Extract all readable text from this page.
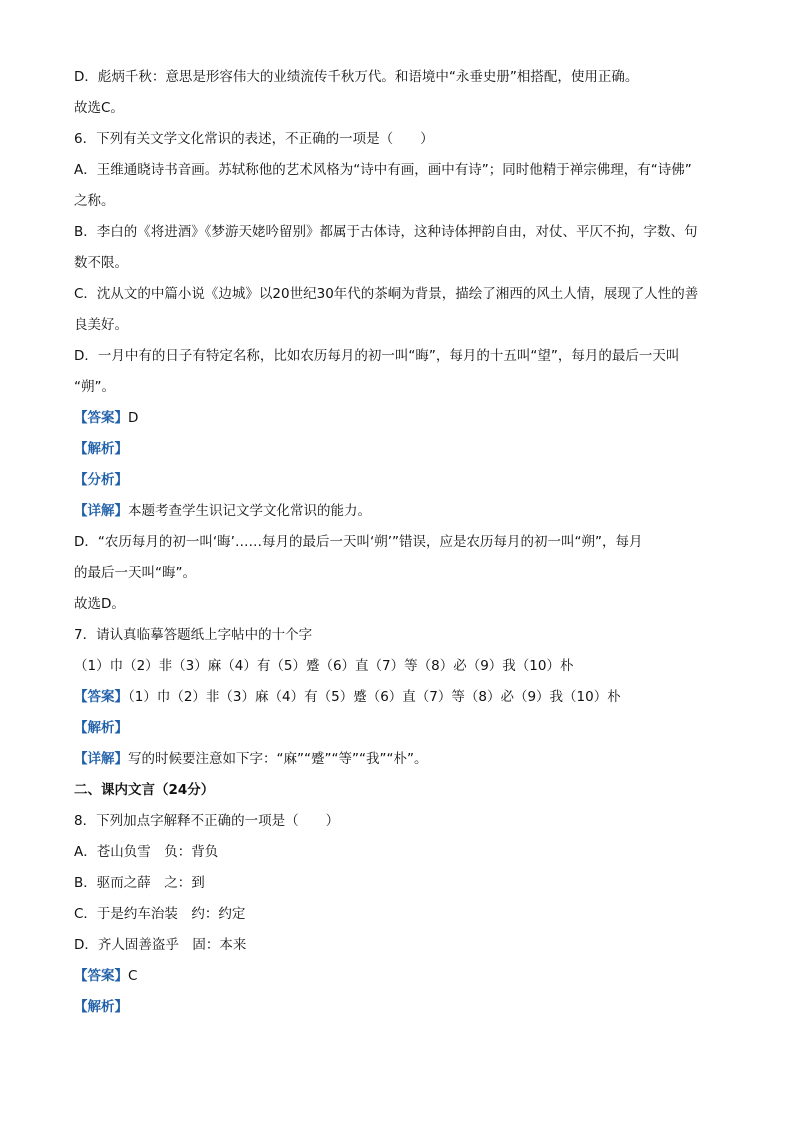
D．彪炳千秋：意思是形容伟大的业绩流传千秋万代。和语境中“永垂史册”相搭配，使用正确。
故选C。
6．下列有关文学文化常识的表述，不正确的一项是（　　）
A．王维通晓诗书音画。苏轼称他的艺术风格为“诗中有画，画中有诗”；同时他精于禅宗佛理，有“诗佛”
之称。
B．李白的《将进酒》《梦游天姥吟留别》都属于古体诗，这种诗体押韵自由，对仗、平仄不拘，字数、句
数不限。
C．沈从文的中篇小说《边城》以20世纪30年代的茶峒为背景，描绘了湘西的风土人情，展现了人性的善
良美好。
D．一月中有的日子有特定名称，比如农历每月的初一叫“晦”，每月的十五叫“望”，每月的最后一天叫
“朔”。
【答案】D
【解析】
【分析】
【详解】本题考查学生识记文学文化常识的能力。
D．“农历每月的初一叫‘晦’……每月的最后一天叫‘朔’”错误，应是农历每月的初一叫“朔”，每月
的最后一天叫“晦”。
故选D。
7．请认真临摹答题纸上字帖中的十个字
（1）巾（2）非（3）麻（4）有（5）蹙（6）直（7）等（8）必（9）我（10）朴
【答案】（1）巾（2）非（3）麻（4）有（5）蹙（6）直（7）等（8）必（9）我（10）朴
【解析】
【详解】写的时候要注意如下字：“麻”“蹙”“等”“我”“朴”。
二、课内文言（24分）
8．下列加点字解释不正确的一项是（　　）
A．苍山负雪　负：背负
B．驱而之薛　之：到
C．于是约车治装　约：约定
D．齐人固善盗乎　固：本来
【答案】C
【解析】
